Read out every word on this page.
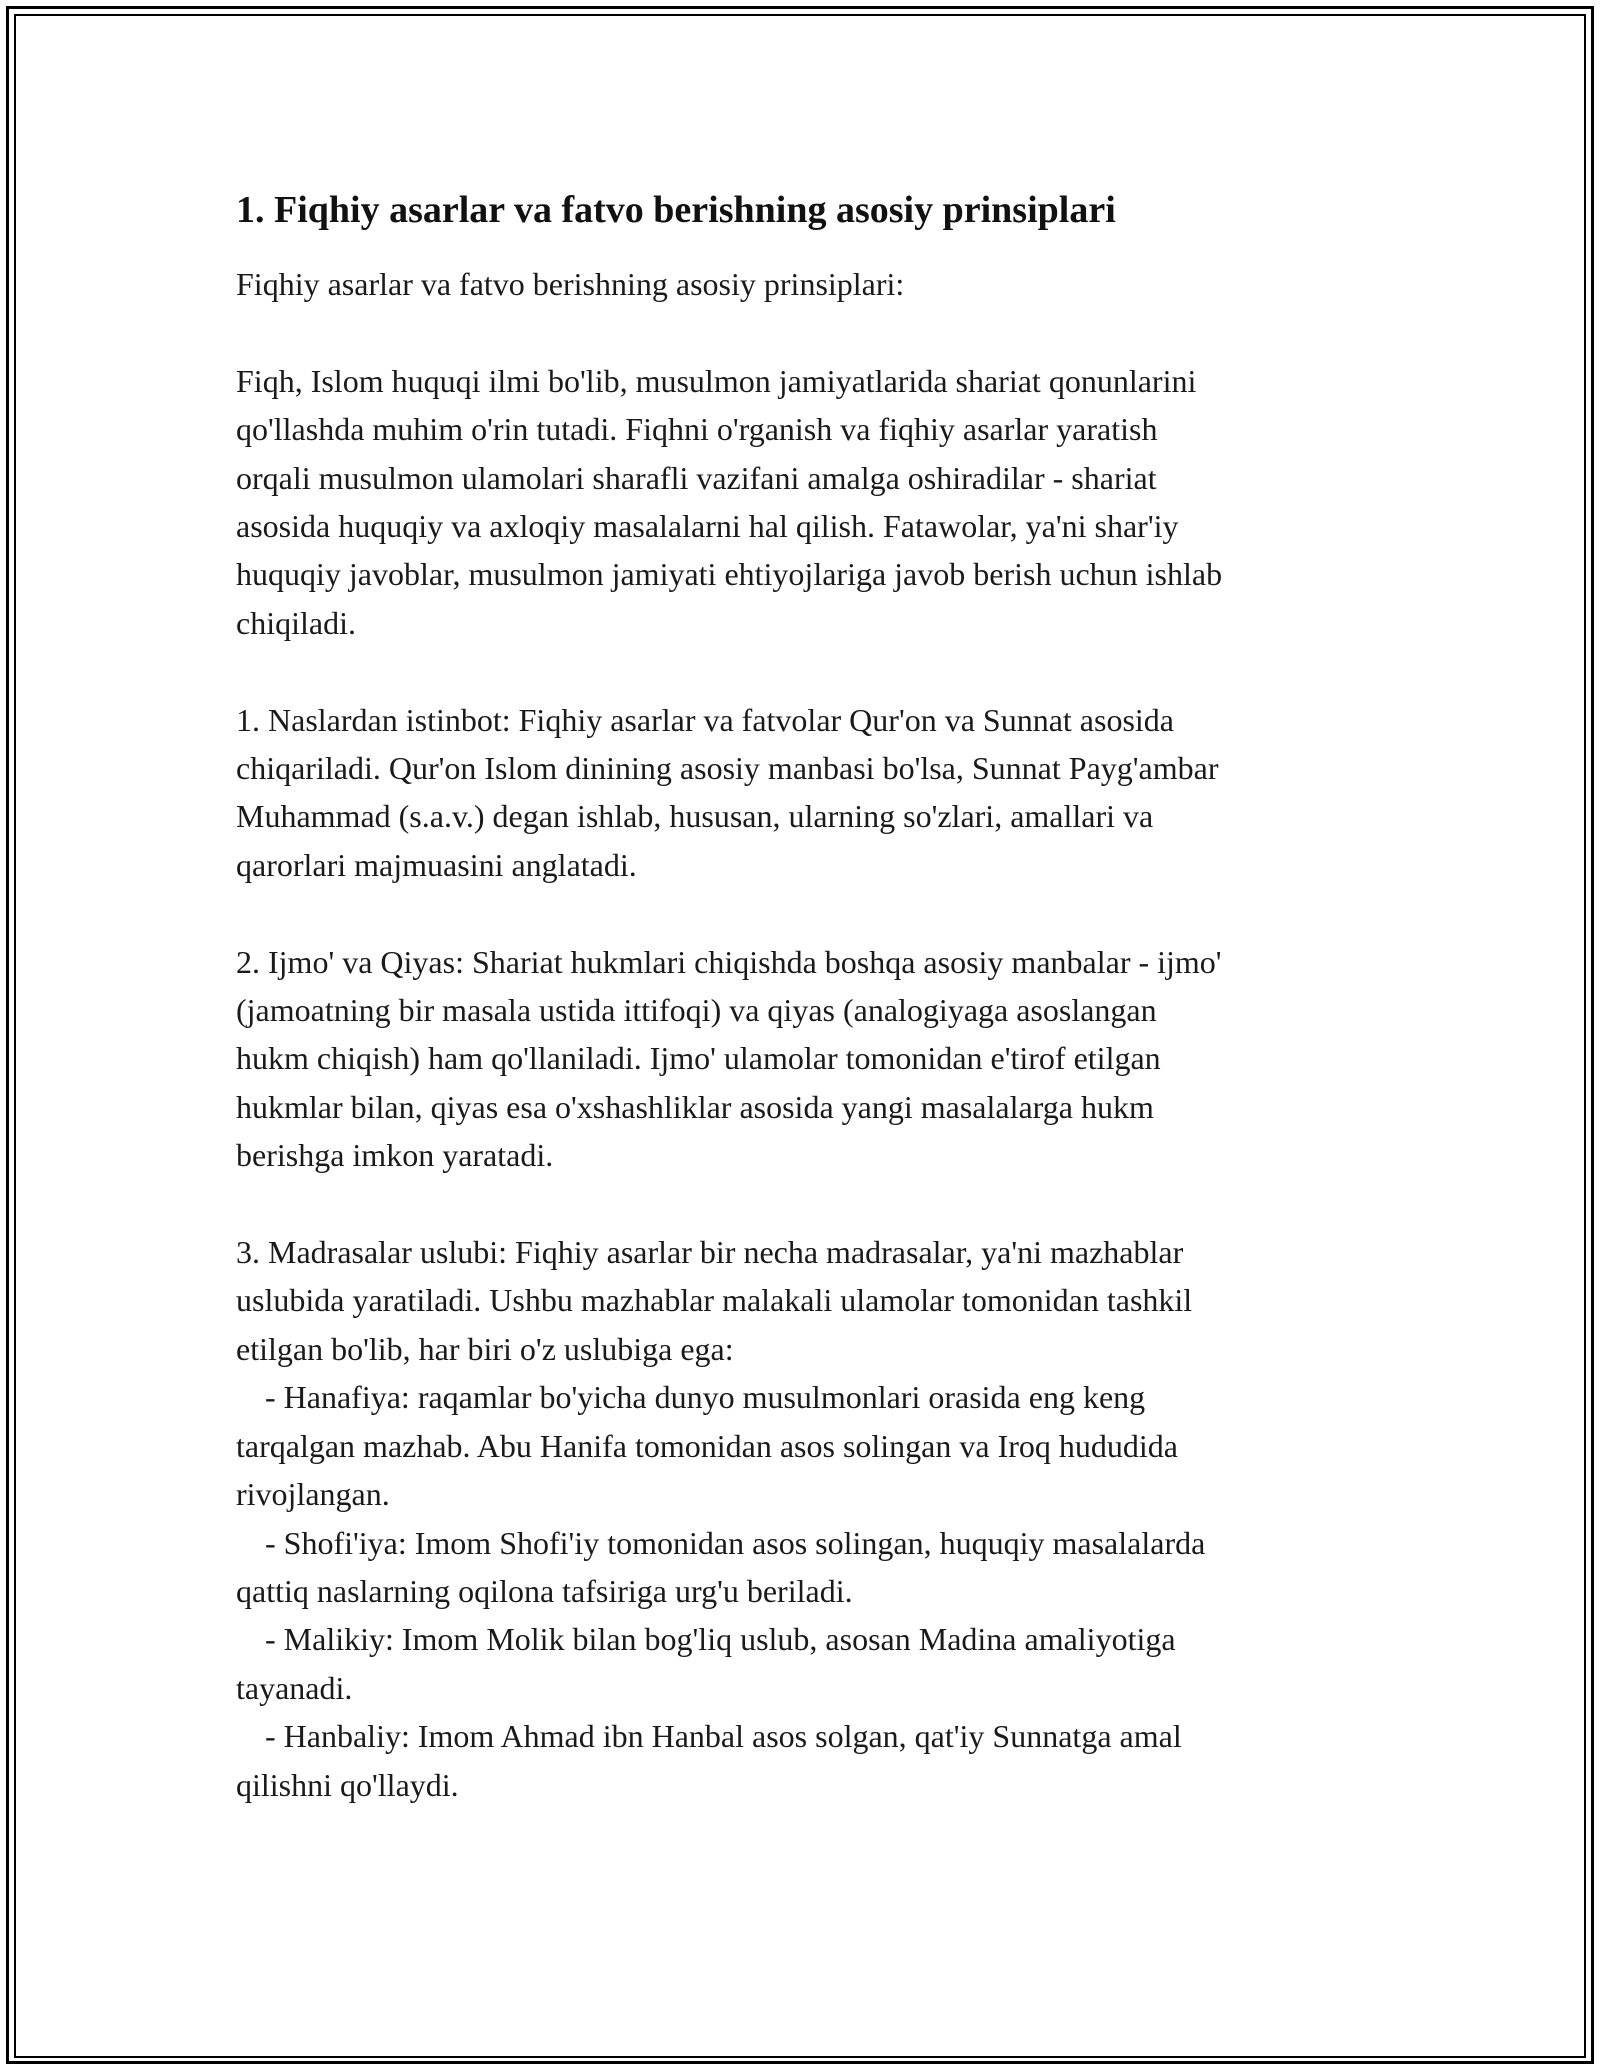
1. Fiqhiy asarlar va fatvo berishning asosiy prinsiplari
Fiqhiy asarlar va fatvo berishning asosiy prinsiplari:
Fiqh, Islom huquqi ilmi bo'lib, musulmon jamiyatlarida shariat qonunlarini
qo'llashda muhim o'rin tutadi. Fiqhni o'rganish va fiqhiy asarlar yaratish
orqali musulmon ulamolari sharafli vazifani amalga oshiradilar - shariat
asosida huquqiy va axloqiy masalalarni hal qilish. Fatawolar, ya'ni shar'iy
huquqiy javoblar, musulmon jamiyati ehtiyojlariga javob berish uchun ishlab
chiqiladi.
1. Naslardan istinbot: Fiqhiy asarlar va fatvolar Qur'on va Sunnat asosida
chiqariladi. Qur'on Islom dinining asosiy manbasi bo'lsa, Sunnat Payg'ambar
Muhammad (s.a.v.) degan ishlab, hususan, ularning so'zlari, amallari va
qarorlari majmuasini anglatadi.
2. Ijmo' va Qiyas: Shariat hukmlari chiqishda boshqa asosiy manbalar - ijmo'
(jamoatning bir masala ustida ittifoqi) va qiyas (analogiyaga asoslangan
hukm chiqish) ham qo'llaniladi. Ijmo' ulamolar tomonidan e'tirof etilgan
hukmlar bilan, qiyas esa o'xshashliklar asosida yangi masalalarga hukm
berishga imkon yaratadi.
3. Madrasalar uslubi: Fiqhiy asarlar bir necha madrasalar, ya'ni mazhablar
uslubida yaratiladi. Ushbu mazhablar malakali ulamolar tomonidan tashkil
etilgan bo'lib, har biri o'z uslubiga ega:
- Hanafiya: raqamlar bo'yicha dunyo musulmonlari orasida eng keng
tarqalgan mazhab. Abu Hanifa tomonidan asos solingan va Iroq hududida
rivojlangan.
- Shofi'iya: Imom Shofi'iy tomonidan asos solingan, huquqiy masalalarda
qattiq naslarning oqilona tafsiriga urg'u beriladi.
- Malikiy: Imom Molik bilan bog'liq uslub, asosan Madina amaliyotiga
tayanadi.
- Hanbaliy: Imom Ahmad ibn Hanbal asos solgan, qat'iy Sunnatga amal
qilishni qo'llaydi.
